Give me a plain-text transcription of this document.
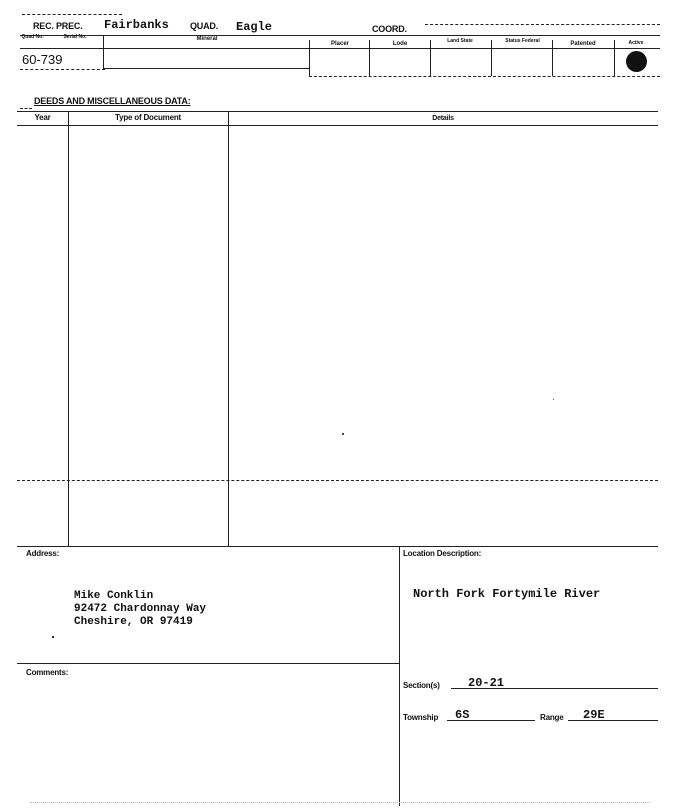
REC. PREC. Fairbanks QUAD. Eagle	COORD.
Quad No.	Serial No.	Mineral
Placer	Lode	Land State	Status Federal	Patented	Active
60-739
DEEDS AND MISCELLANEOUS DATA:
Year	Type of Document	Details
Address:
Mike Conklin
92472 Chardonnay Way
Cheshire, OR 97419
Location Description:
North Fork Fortymile River
Comments:
Section(s) 20-21
Township 6S	Range 29E
